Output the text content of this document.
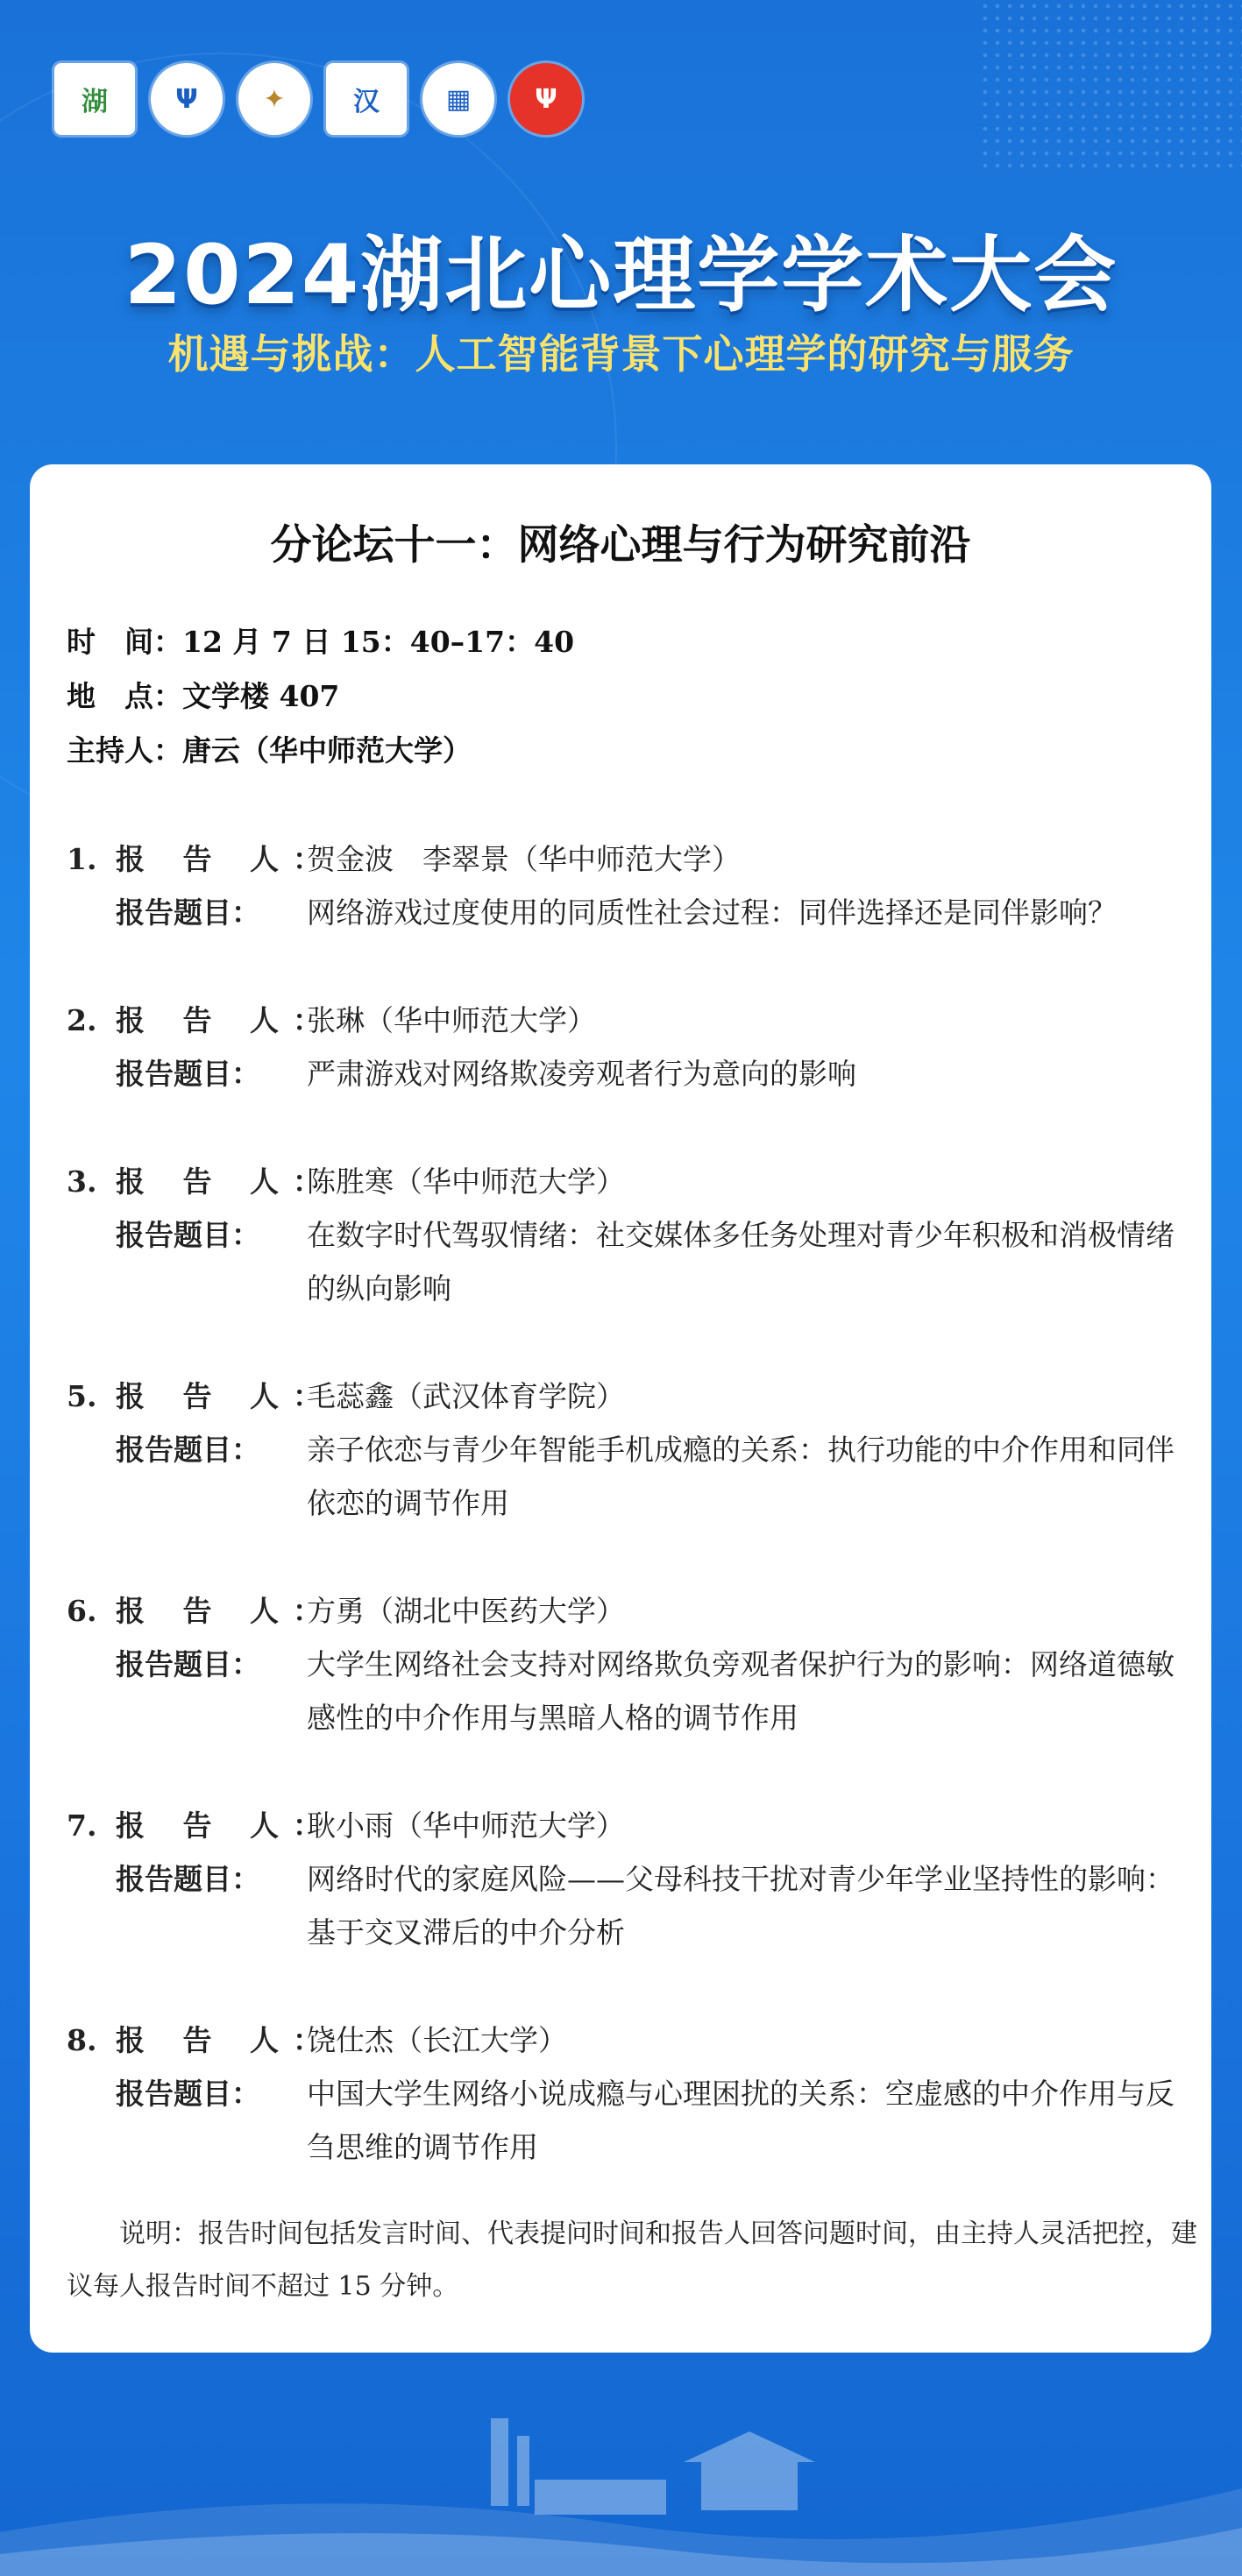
湖	Ψ	✦	汉	▦	Ψ
2024湖北心理学学术大会
机遇与挑战：人工智能背景下心理学的研究与服务
分论坛十一：网络心理与行为研究前沿
时　间：12 月 7 日 15：40–17：40
地　点：文学楼 407
主持人：唐云（华中师范大学）
1. 报 告 人：
贺金波　李翠景（华中师范大学）
报告题目：	网络游戏过度使用的同质性社会过程：同伴选择还是同伴影响？
2. 报 告 人：
张琳（华中师范大学）
报告题目：	严肃游戏对网络欺凌旁观者行为意向的影响
3. 报 告 人：
陈胜寒（华中师范大学）
报告题目：	在数字时代驾驭情绪：社交媒体多任务处理对青少年积极和消极情绪的纵向影响
5. 报 告 人：
毛蕊鑫（武汉体育学院）
报告题目：	亲子依恋与青少年智能手机成瘾的关系：执行功能的中介作用和同伴依恋的调节作用
6. 报 告 人：
方勇（湖北中医药大学）
报告题目：	大学生网络社会支持对网络欺负旁观者保护行为的影响：网络道德敏感性的中介作用与黑暗人格的调节作用
7. 报 告 人：
耿小雨（华中师范大学）
报告题目：	网络时代的家庭风险——父母科技干扰对青少年学业坚持性的影响：基于交叉滞后的中介分析
8. 报 告 人：
饶仕杰（长江大学）
报告题目：	中国大学生网络小说成瘾与心理困扰的关系：空虚感的中介作用与反刍思维的调节作用
说明：报告时间包括发言时间、代表提问时间和报告人回答问题时间，由主持人灵活把控，建议每人报告时间不超过 15 分钟。
